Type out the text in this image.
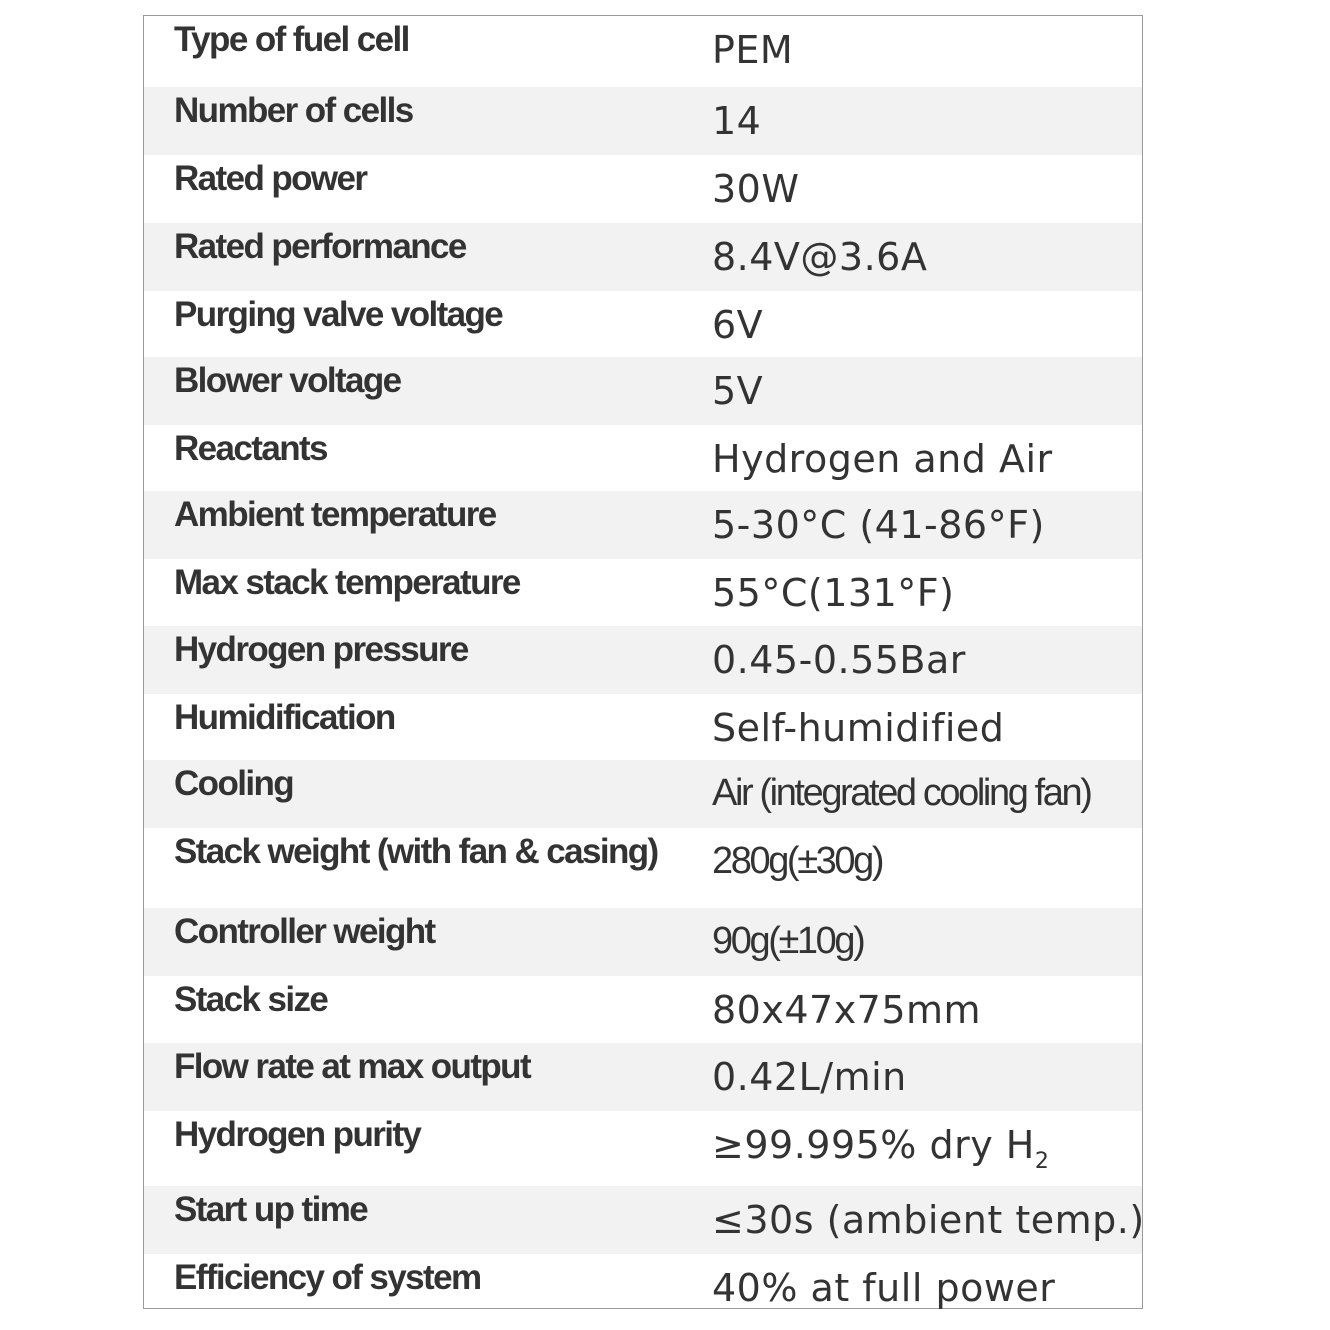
Type of fuel cell	PEM
Number of cells	14
Rated power	30W
Rated performance	8.4V@3.6A
Purging valve voltage	6V
Blower voltage	5V
Reactants	Hydrogen and Air
Ambient temperature	5-30°C (41-86°F)
Max stack temperature	55°C(131°F)
Hydrogen pressure	0.45-0.55Bar
Humidification	Self-humidified
Cooling	Air (integrated cooling fan)
Stack weight (with fan & casing) 280g(±30g)
Controller weight	90g(±10g)
Stack size	80x47x75mm
Flow rate at max output	0.42L/min
Hydrogen purity	≥99.995% dry $H_2$
Start up time	≤30s (ambient temp.)
Efficiency of system	40% at full power
